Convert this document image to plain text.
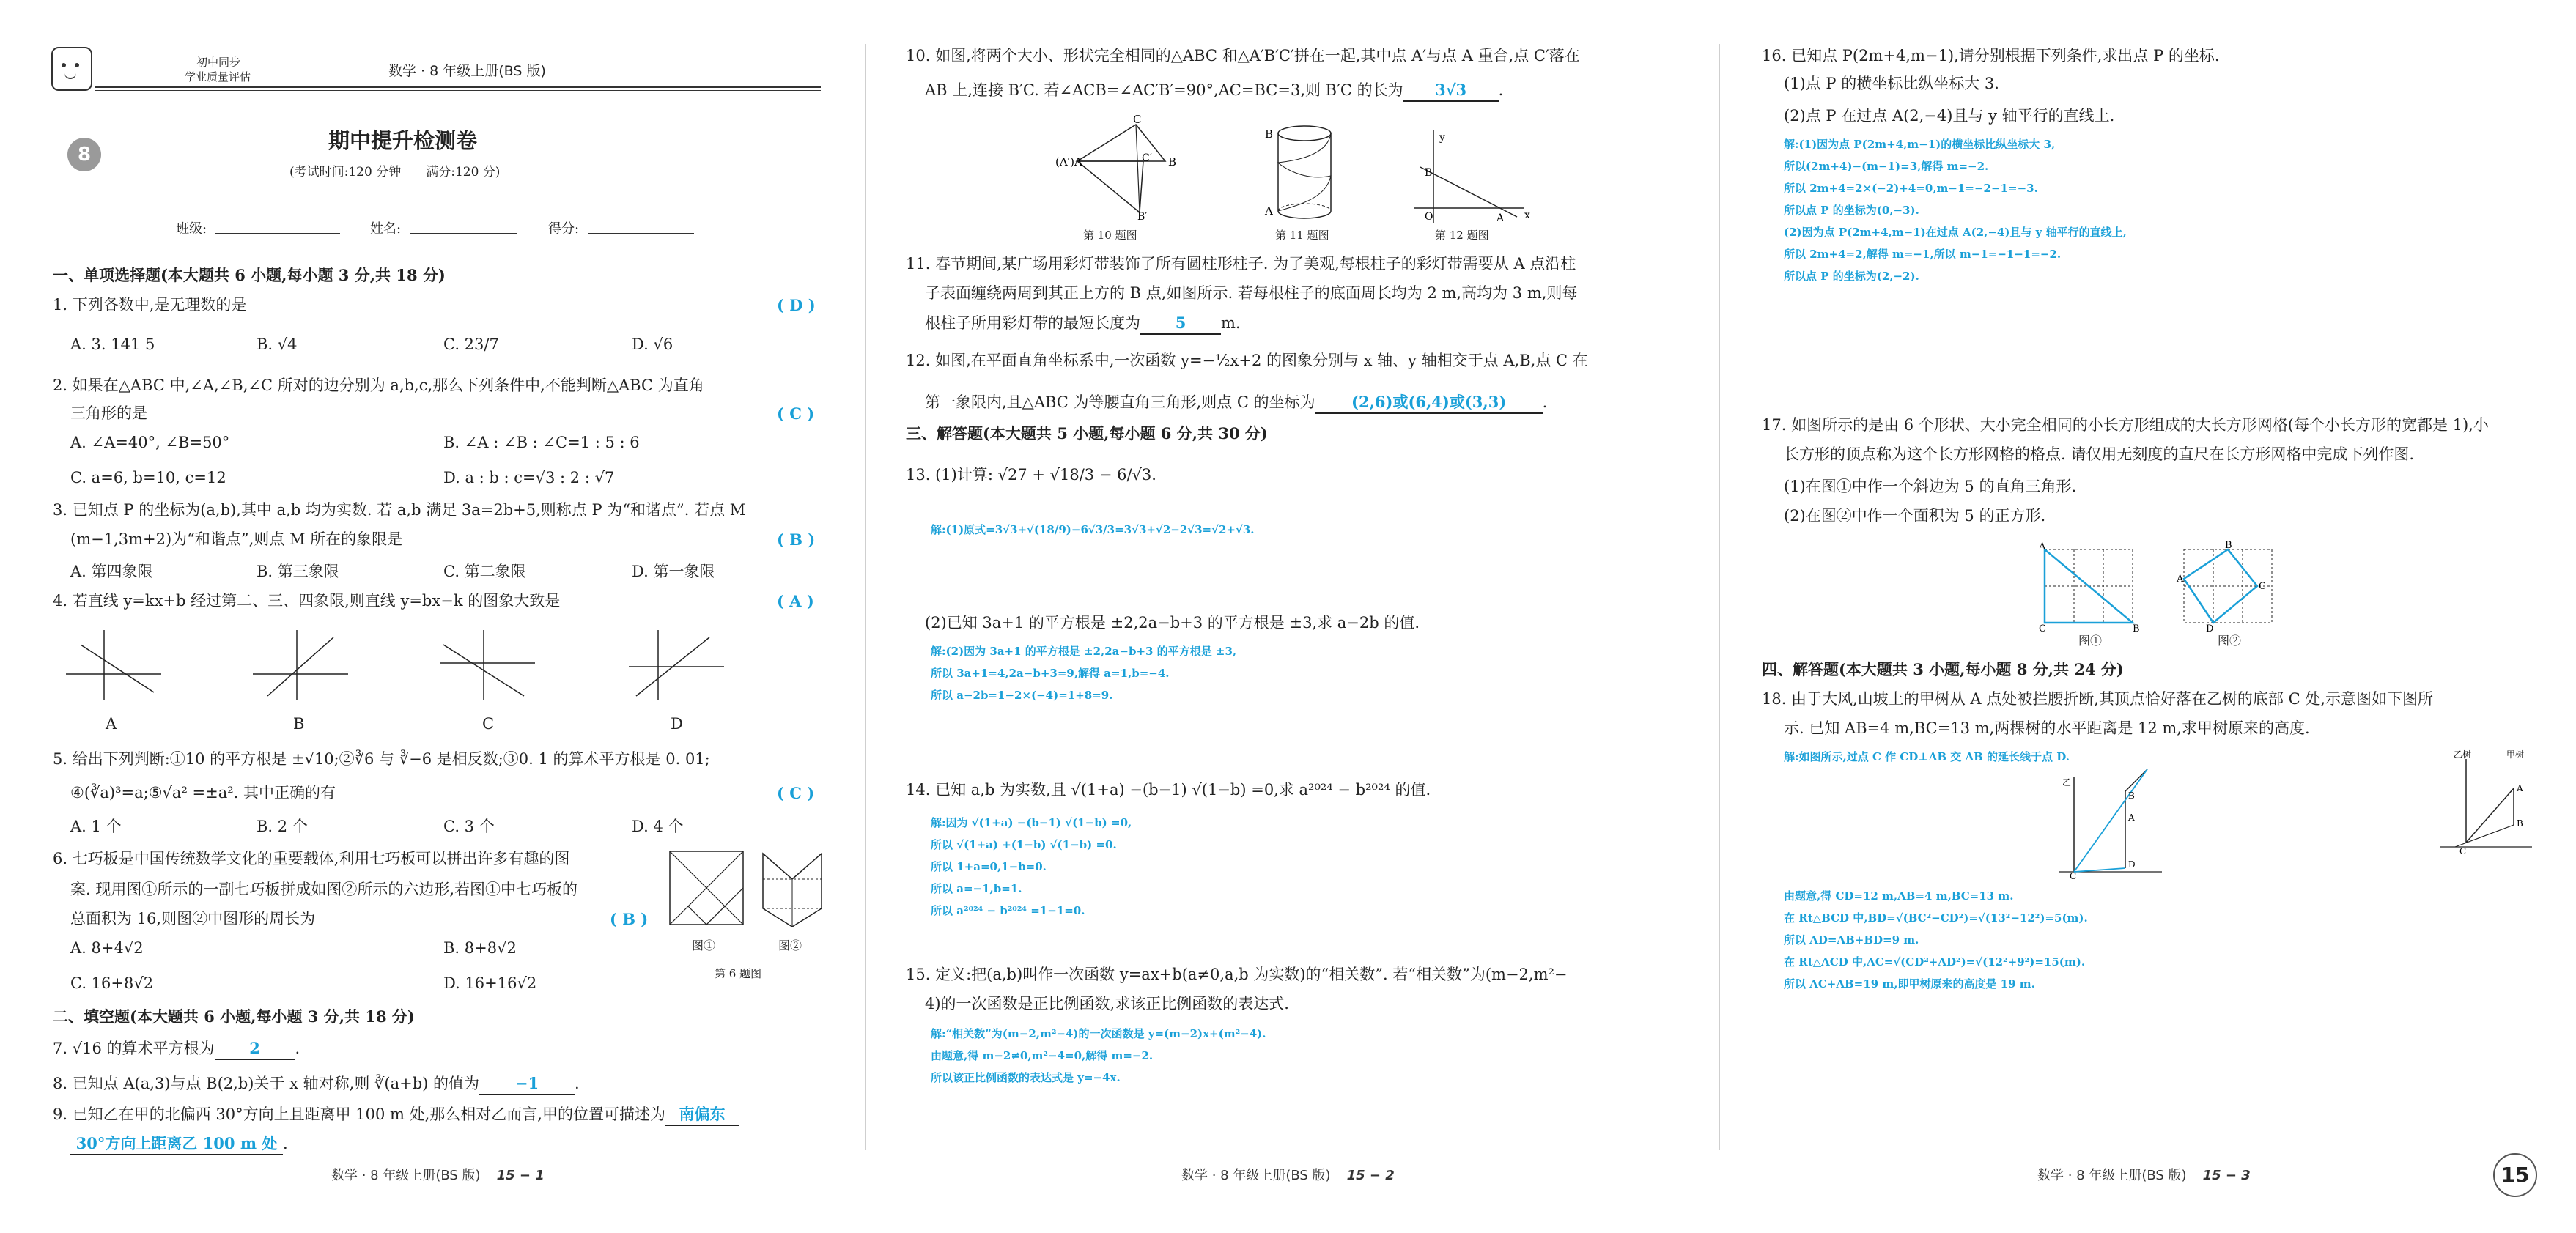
初中同步
学业质量评估	数学 · 8 年级上册(BS 版)
8
期中提升检测卷
(考试时间:120 分钟　　满分:120 分)
班级:	姓名:	得分:
一、单项选择题(本大题共 6 小题,每小题 3 分,共 18 分)
1. 下列各数中,是无理数的是	( D )
A. 3. 141 5	B. √4	C. 23/7	D. √6
2. 如果在△ABC 中,∠A,∠B,∠C 所对的边分别为 a,b,c,那么下列条件中,不能判断△ABC 为直角
三角形的是	( C )
A. ∠A=40°, ∠B=50°	B. ∠A : ∠B : ∠C=1 : 5 : 6
C. a=6, b=10, c=12	D. a : b : c=√3 : 2 : √7
3. 已知点 P 的坐标为(a,b),其中 a,b 均为实数. 若 a,b 满足 3a=2b+5,则称点 P 为“和谐点”. 若点 M
(m−1,3m+2)为“和谐点”,则点 M 所在的象限是	( B )
A. 第四象限	B. 第三象限	C. 第二象限	D. 第一象限
4. 若直线 y=kx+b 经过第二、三、四象限,则直线 y=bx−k 的图象大致是	( A )
A	B	C	D
5. 给出下列判断:①10 的平方根是 ±√10;②∛6 与 ∛−6 是相反数;③0. 1 的算术平方根是 0. 01;
④(∛a)³=a;⑤√a² =±a². 其中正确的有	( C )
A. 1 个	B. 2 个	C. 3 个	D. 4 个
6. 七巧板是中国传统数学文化的重要载体,利用七巧板可以拼出许多有趣的图
案. 现用图①所示的一副七巧板拼成如图②所示的六边形,若图①中七巧板的
总面积为 16,则图②中图形的周长为	( B )
图①	图②
第 6 题图
A. 8+4√2	B. 8+8√2
C. 16+8√2	D. 16+16√2
二、填空题(本大题共 6 小题,每小题 3 分,共 18 分)
7. √16 的算术平方根为 2 .
8. 已知点 A(a,3)与点 B(2,b)关于 x 轴对称,则 ∛(a+b) 的值为 −1 .
9. 已知乙在甲的北偏西 30°方向上且距离甲 100 m 处,那么相对乙而言,甲的位置可描述为 南偏东
30°方向上距离乙 100 m 处 .
数学 · 8 年级上册(BS 版) 15 − 1
10. 如图,将两个大小、形状完全相同的△ABC 和△A′B′C′拼在一起,其中点 A′与点 A 重合,点 C′落在
AB 上,连接 B′C. 若∠ACB=∠AC′B′=90°,AC=BC=3,则 B′C 的长为 3√3 .
(A′)A
C
B
C′
B′
第 10 题图
B
A
第 11 题图
y
x
O
B
A
第 12 题图
11. 春节期间,某广场用彩灯带装饰了所有圆柱形柱子. 为了美观,每根柱子的彩灯带需要从 A 点沿柱
子表面缠绕两周到其正上方的 B 点,如图所示. 若每根柱子的底面周长均为 2 m,高均为 3 m,则每
根柱子所用彩灯带的最短长度为 5 m.
12. 如图,在平面直角坐标系中,一次函数 y=−½x+2 的图象分别与 x 轴、y 轴相交于点 A,B,点 C 在
第一象限内,且△ABC 为等腰直角三角形,则点 C 的坐标为 (2,6)或(6,4)或(3,3) .
三、解答题(本大题共 5 小题,每小题 6 分,共 30 分)
13. (1)计算: √27 + √18/3 − 6/√3.
解:(1)原式=3√3+√(18/9)−6√3/3=3√3+√2−2√3=√2+√3.
(2)已知 3a+1 的平方根是 ±2,2a−b+3 的平方根是 ±3,求 a−2b 的值.
解:(2)因为 3a+1 的平方根是 ±2,2a−b+3 的平方根是 ±3,
所以 3a+1=4,2a−b+3=9,解得 a=1,b=−4.
所以 a−2b=1−2×(−4)=1+8=9.
14. 已知 a,b 为实数,且 √(1+a) −(b−1) √(1−b) =0,求 a²⁰²⁴ − b²⁰²⁴ 的值.
解:因为 √(1+a) −(b−1) √(1−b) =0,
所以 √(1+a) +(1−b) √(1−b) =0.
所以 1+a=0,1−b=0.
所以 a=−1,b=1.
所以 a²⁰²⁴ − b²⁰²⁴ =1−1=0.
15. 定义:把(a,b)叫作一次函数 y=ax+b(a≠0,a,b 为实数)的“相关数”. 若“相关数”为(m−2,m²−
4)的一次函数是正比例函数,求该正比例函数的表达式.
解:“相关数”为(m−2,m²−4)的一次函数是 y=(m−2)x+(m²−4).
由题意,得 m−2≠0,m²−4=0,解得 m=−2.
所以该正比例函数的表达式是 y=−4x.
数学 · 8 年级上册(BS 版) 15 − 2
16. 已知点 P(2m+4,m−1),请分别根据下列条件,求出点 P 的坐标.
(1)点 P 的横坐标比纵坐标大 3.
(2)点 P 在过点 A(2,−4)且与 y 轴平行的直线上.
解:(1)因为点 P(2m+4,m−1)的横坐标比纵坐标大 3,
所以(2m+4)−(m−1)=3,解得 m=−2.
所以 2m+4=2×(−2)+4=0,m−1=−2−1=−3.
所以点 P 的坐标为(0,−3).
(2)因为点 P(2m+4,m−1)在过点 A(2,−4)且与 y 轴平行的直线上,
所以 2m+4=2,解得 m=−1,所以 m−1=−1−1=−2.
所以点 P 的坐标为(2,−2).
17. 如图所示的是由 6 个形状、大小完全相同的小长方形组成的大长方形网格(每个小长方形的宽都是 1),小
长方形的顶点称为这个长方形网格的格点. 请仅用无刻度的直尺在长方形网格中完成下列作图.
(1)在图①中作一个斜边为 5 的直角三角形.
(2)在图②中作一个面积为 5 的正方形.
A
C	B
B
A
C
D
图①	图②
四、解答题(本大题共 3 小题,每小题 8 分,共 24 分)
18. 由于大风,山坡上的甲树从 A 点处被拦腰折断,其顶点恰好落在乙树的底部 C 处,示意图如下图所
示. 已知 AB=4 m,BC=13 m,两棵树的水平距离是 12 m,求甲树原来的高度.
解:如图所示,过点 C 作 CD⊥AB 交 AB 的延长线于点 D.
乙
A
B
D
C
由题意,得 CD=12 m,AB=4 m,BC=13 m.
在 Rt△BCD 中,BD=√(BC²−CD²)=√(13²−12²)=5(m).
所以 AD=AB+BD=9 m.
在 Rt△ACD 中,AC=√(CD²+AD²)=√(12²+9²)=15(m).
所以 AC+AB=19 m,即甲树原来的高度是 19 m.
乙树	甲树
A
B
C
数学 · 8 年级上册(BS 版) 15 − 3	15
